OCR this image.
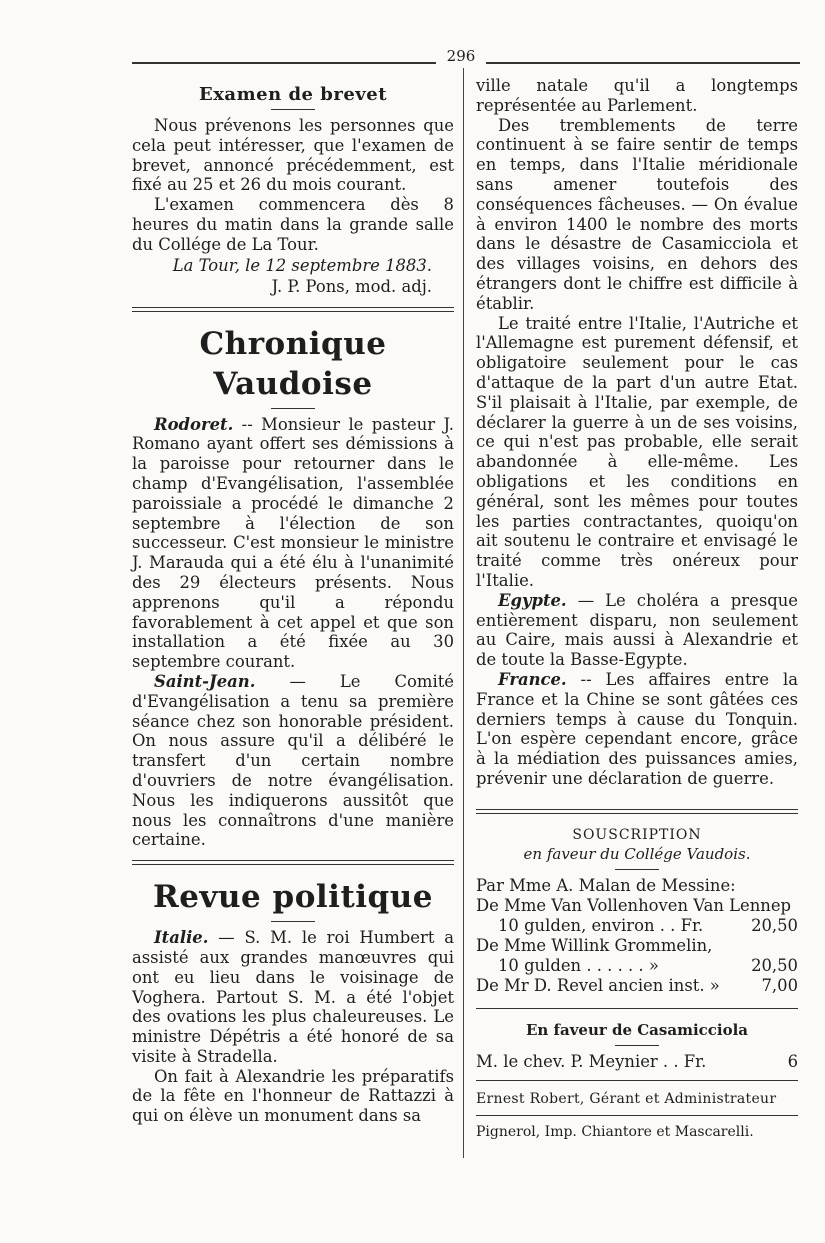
296
Examen de brevet

Nous prévenons les personnes que cela peut intéresser, que l'examen de brevet, annoncé précédemment, est fixé au 25 et 26 du mois courant.

L'examen commencera dès 8 heures du matin dans la grande salle du Collége de La Tour.

La Tour, le 12 septembre 1883.
J. P. Pons, mod. adj.
Chronique Vaudoise

Rodoret. -- Monsieur le pasteur J. Romano ayant offert ses démissions à la paroisse pour retourner dans le champ d'Evangélisation, l'assemblée paroissiale a procédé le dimanche 2 septembre à l'élection de son successeur. C'est monsieur le ministre J. Marauda qui a été élu à l'unanimité des 29 électeurs présents. Nous apprenons qu'il a répondu favorablement à cet appel et que son installation a été fixée au 30 septembre courant.

Saint-Jean. — Le Comité d'Evangélisation a tenu sa première séance chez son honorable président. On nous assure qu'il a délibéré le transfert d'un certain nombre d'ouvriers de notre évangélisation. Nous les indiquerons aussitôt que nous les connaîtrons d'une manière certaine.

Revue politique

Italie. — S. M. le roi Humbert a assisté aux grandes manœuvres qui ont eu lieu dans le voisinage de Voghera. Partout S. M. a été l'objet des ovations les plus chaleureuses. Le ministre Dépétris a été honoré de sa visite à Stradella.

On fait à Alexandrie les préparatifs de la fête en l'honneur de Rattazzi à qui on élève un monument dans sa

ville natale qu'il a longtemps représentée au Parlement.

Des tremblements de terre continuent à se faire sentir de temps en temps, dans l'Italie méridionale sans amener toutefois des conséquences fâcheuses. — On évalue à environ 1400 le nombre des morts dans le désastre de Casamicciola et des villages voisins, en dehors des étrangers dont le chiffre est difficile à établir.

Le traité entre l'Italie, l'Autriche et l'Allemagne est purement défensif, et obligatoire seulement pour le cas d'attaque de la part d'un autre Etat. S'il plaisait à l'Italie, par exemple, de déclarer la guerre à un de ses voisins, ce qui n'est pas probable, elle serait abandonnée à elle-même. Les obligations et les conditions en général, sont les mêmes pour toutes les parties contractantes, quoiqu'on ait soutenu le contraire et envisagé le traité comme très onéreux pour l'Italie.

Egypte. — Le choléra a presque entièrement disparu, non seulement au Caire, mais aussi à Alexandrie et de toute la Basse-Egypte.

France. -- Les affaires entre la France et la Chine se sont gâtées ces derniers temps à cause du Tonquin. L'on espère cependant encore, grâce à la médiation des puissances amies, prévenir une déclaration de guerre.

SOUSCRIPTION

en faveur du Collége Vaudois.

Par Mme A. Malan de Messine:
De Mme Van Vollenhoven Van Lennep
10 gulden, environ . . Fr.	20,50
De Mme Willink Grommelin,
10 gulden . . . . . . »	20,50
De Mr D. Revel ancien inst. »	7,00

En faveur de Casamicciola

M. le chev. P. Meynier . . Fr.	6

Ernest Robert, Gérant et Administrateur

Pignerol, Imp. Chiantore et Mascarelli.
